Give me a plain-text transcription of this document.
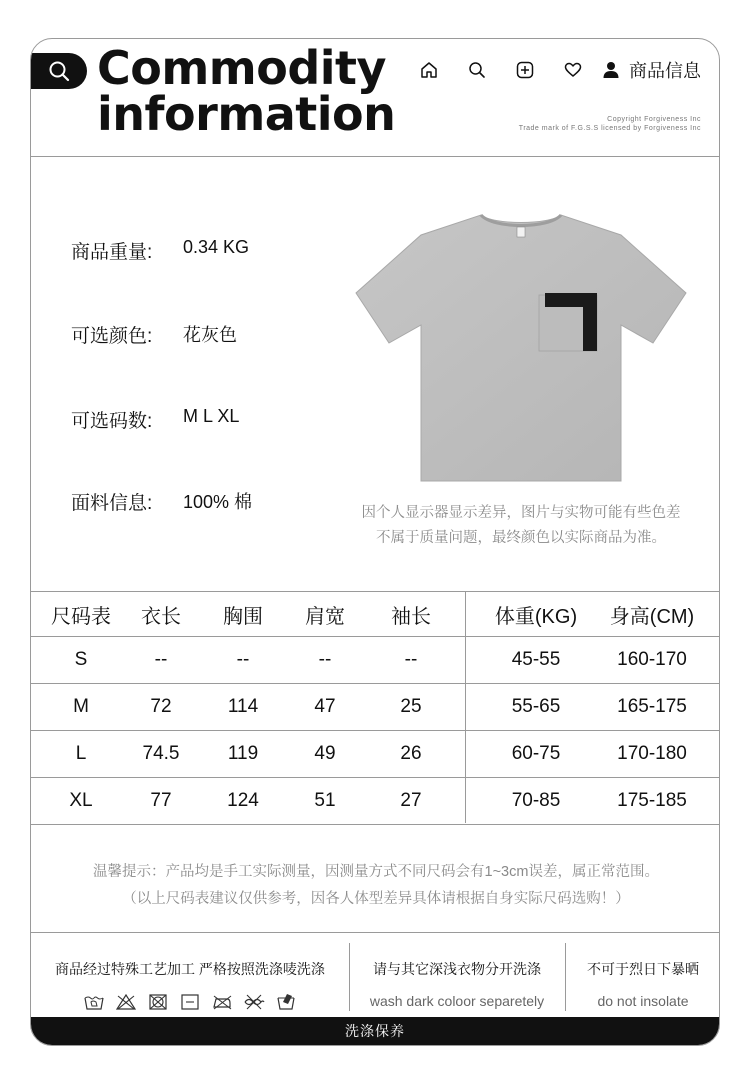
Commodity
information
商品信息
Copyright Forgiveness Inc
Trade mark of F.G.S.S licensed by Forgiveness Inc
商品重量:	0.34 KG
可选颜色:	花灰色
可选码数:	M L XL
面料信息:	100% 棉
因个人显示器显示差异，图片与实物可能有些色差
不属于质量问题，最终颜色以实际商品为准。
尺码表	衣长	胸围	肩宽	袖长	体重(KG)	身高(CM)
S	--	--	--	--	45-55	160-170
M	72	114	47	25	55-65	165-175
L	74.5	119	49	26	60-75	170-180
XL	77	124	51	27	70-85	175-185
温馨提示：产品均是手工实际测量，因测量方式不同尺码会有1~3cm误差，属正常范围。
（以上尺码表建议仅供参考，因各人体型差异具体请根据自身实际尺码选购！）
商品经过特殊工艺加工 严格按照洗涤唛洗涤	请与其它深浅衣物分开洗涤
wash dark coloor separetely
不可于烈日下暴晒
do not insolate
洗涤保养
